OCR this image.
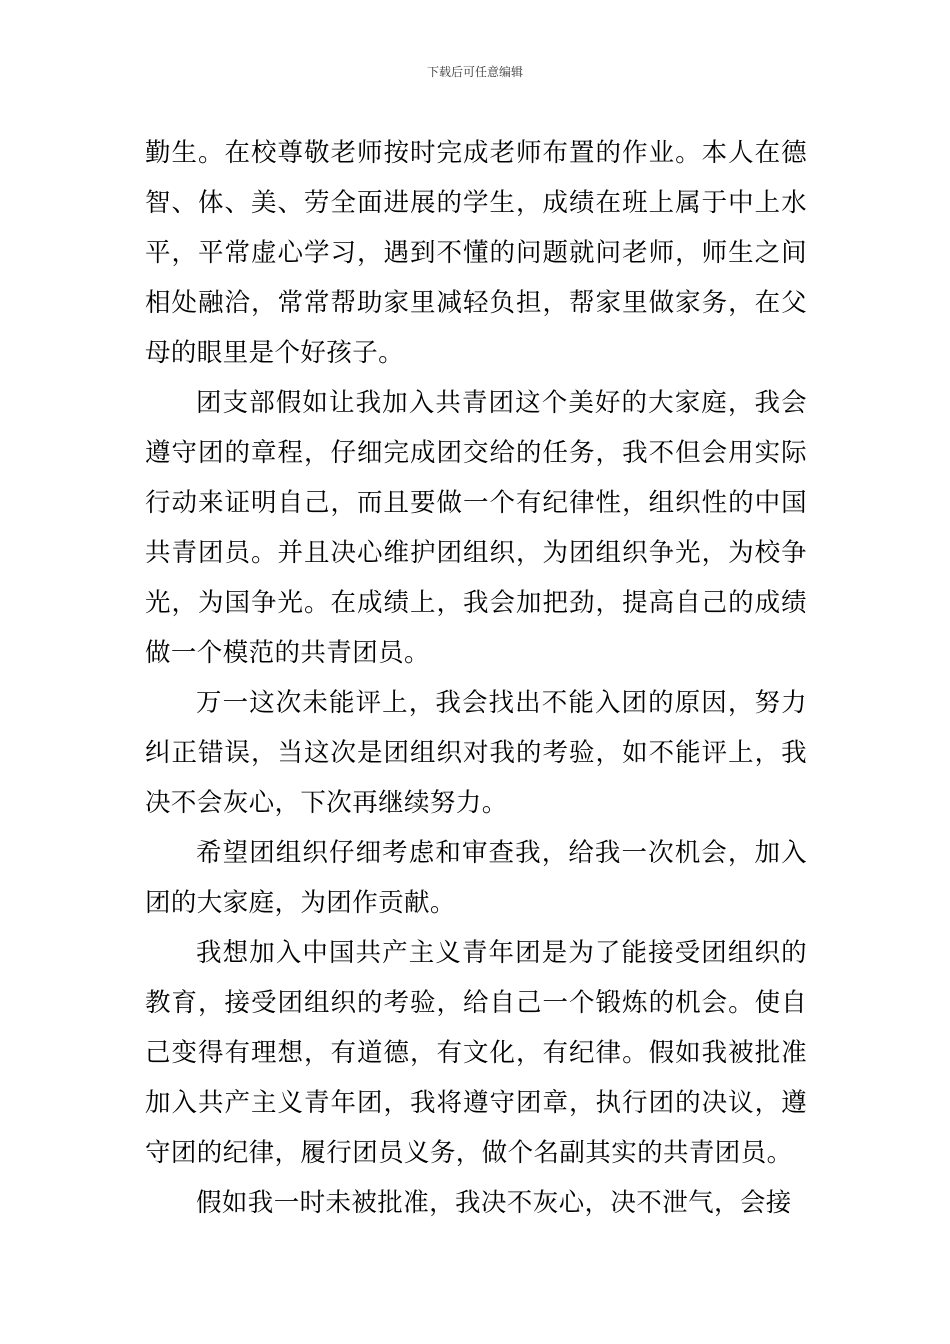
下载后可任意编辑

勤生。在校尊敬老师按时完成老师布置的作业。本人在德智、体、美、劳全面进展的学生，成绩在班上属于中上水平，平常虚心学习，遇到不懂的问题就问老师，师生之间相处融洽，常常帮助家里减轻负担，帮家里做家务，在父母的眼里是个好孩子。

团支部假如让我加入共青团这个美好的大家庭，我会遵守团的章程，仔细完成团交给的任务，我不但会用实际行动来证明自己，而且要做一个有纪律性，组织性的中国共青团员。并且决心维护团组织，为团组织争光，为校争光，为国争光。在成绩上，我会加把劲，提高自己的成绩做一个模范的共青团员。

万一这次未能评上，我会找出不能入团的原因，努力纠正错误，当这次是团组织对我的考验，如不能评上，我决不会灰心，下次再继续努力。

希望团组织仔细考虑和审查我，给我一次机会，加入团的大家庭，为团作贡献。

我想加入中国共产主义青年团是为了能接受团组织的教育，接受团组织的考验，给自己一个锻炼的机会。使自己变得有理想，有道德，有文化，有纪律。假如我被批准加入共产主义青年团，我将遵守团章，执行团的决议，遵守团的纪律，履行团员义务，做个名副其实的共青团员。

假如我一时未被批准，我决不灰心，决不泄气，会接
